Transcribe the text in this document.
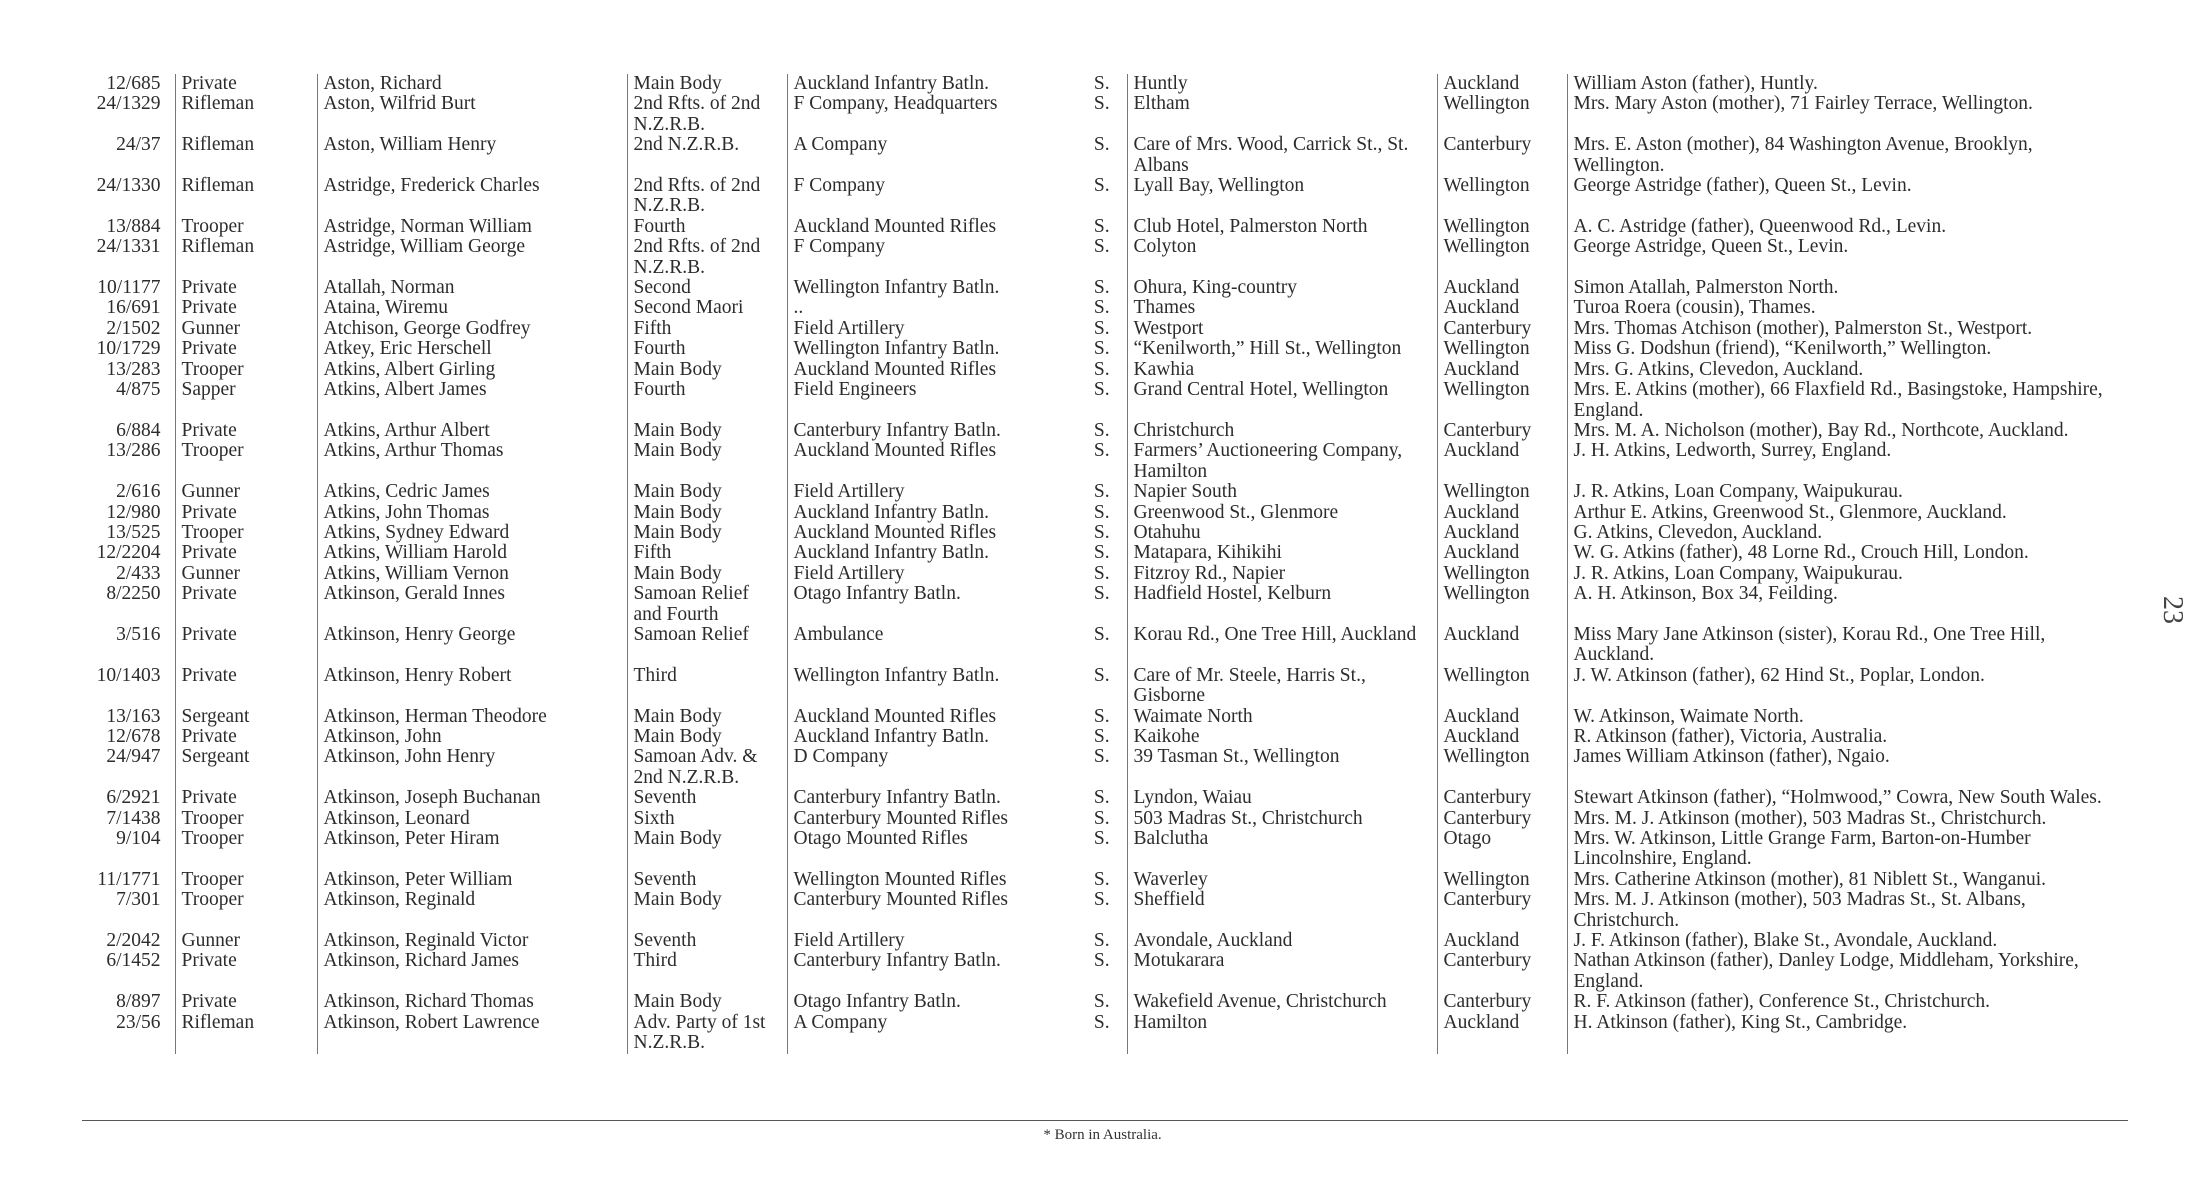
12/685	Private	Aston, Richard	Main Body	Auckland Infantry Batln.	S.	Huntly	Auckland	William Aston (father), Huntly.
24/1329	Rifleman	Aston, Wilfrid Burt	2nd Rfts. of 2nd N.Z.R.B.	F Company, Headquarters	S.	Eltham	Wellington	Mrs. Mary Aston (mother), 71 Fairley Terrace, Wellington.
24/37	Rifleman	Aston, William Henry	2nd N.Z.R.B.	A Company	S.	Care of Mrs. Wood, Carrick St., St. Albans	Canterbury	Mrs. E. Aston (mother), 84 Washington Avenue, Brooklyn, Wellington.
24/1330	Rifleman	Astridge, Frederick Charles	2nd Rfts. of 2nd N.Z.R.B.	F Company	S.	Lyall Bay, Wellington	Wellington	George Astridge (father), Queen St., Levin.
13/884	Trooper	Astridge, Norman William	Fourth	Auckland Mounted Rifles	S.	Club Hotel, Palmerston North	Wellington	A. C. Astridge (father), Queenwood Rd., Levin.
24/1331	Rifleman	Astridge, William George	2nd Rfts. of 2nd N.Z.R.B.	F Company	S.	Colyton	Wellington	George Astridge, Queen St., Levin.
10/1177	Private	Atallah, Norman	Second	Wellington Infantry Batln.	S.	Ohura, King-country	Auckland	Simon Atallah, Palmerston North.
16/691	Private	Ataina, Wiremu	Second Maori	..	S.	Thames	Auckland	Turoa Roera (cousin), Thames.
2/1502	Gunner	Atchison, George Godfrey	Fifth	Field Artillery	S.	Westport	Canterbury	Mrs. Thomas Atchison (mother), Palmerston St., Westport.
10/1729	Private	Atkey, Eric Herschell	Fourth	Wellington Infantry Batln.	S.	“Kenilworth,” Hill St., Wellington	Wellington	Miss G. Dodshun (friend), “Kenilworth,” Wellington.
13/283	Trooper	Atkins, Albert Girling	Main Body	Auckland Mounted Rifles	S.	Kawhia	Auckland	Mrs. G. Atkins, Clevedon, Auckland.
4/875	Sapper	Atkins, Albert James	Fourth	Field Engineers	S.	Grand Central Hotel, Wellington	Wellington	Mrs. E. Atkins (mother), 66 Flaxfield Rd., Basingstoke, Hampshire, England.
6/884	Private	Atkins, Arthur Albert	Main Body	Canterbury Infantry Batln.	S.	Christchurch	Canterbury	Mrs. M. A. Nicholson (mother), Bay Rd., Northcote, Auckland.
13/286	Trooper	Atkins, Arthur Thomas	Main Body	Auckland Mounted Rifles	S.	Farmers’ Auctioneering Company, Hamilton	Auckland	J. H. Atkins, Ledworth, Surrey, England.
2/616	Gunner	Atkins, Cedric James	Main Body	Field Artillery	S.	Napier South	Wellington	J. R. Atkins, Loan Company, Waipukurau.
12/980	Private	Atkins, John Thomas	Main Body	Auckland Infantry Batln.	S.	Greenwood St., Glenmore	Auckland	Arthur E. Atkins, Greenwood St., Glenmore, Auckland.
13/525	Trooper	Atkins, Sydney Edward	Main Body	Auckland Mounted Rifles	S.	Otahuhu	Auckland	G. Atkins, Clevedon, Auckland.
12/2204	Private	Atkins, William Harold	Fifth	Auckland Infantry Batln.	S.	Matapara, Kihikihi	Auckland	W. G. Atkins (father), 48 Lorne Rd., Crouch Hill, London.
2/433	Gunner	Atkins, William Vernon	Main Body	Field Artillery	S.	Fitzroy Rd., Napier	Wellington	J. R. Atkins, Loan Company, Waipukurau.
8/2250	Private	Atkinson, Gerald Innes	Samoan Relief and Fourth	Otago Infantry Batln.	S.	Hadfield Hostel, Kelburn	Wellington	A. H. Atkinson, Box 34, Feilding.
3/516	Private	Atkinson, Henry George	Samoan Relief	Ambulance	S.	Korau Rd., One Tree Hill, Auckland	Auckland	Miss Mary Jane Atkinson (sister), Korau Rd., One Tree Hill, Auckland.
10/1403	Private	Atkinson, Henry Robert	Third	Wellington Infantry Batln.	S.	Care of Mr. Steele, Harris St., Gisborne	Wellington	J. W. Atkinson (father), 62 Hind St., Poplar, London.
13/163	Sergeant	Atkinson, Herman Theodore	Main Body	Auckland Mounted Rifles	S.	Waimate North	Auckland	W. Atkinson, Waimate North.
12/678	Private	Atkinson, John	Main Body	Auckland Infantry Batln.	S.	Kaikohe	Auckland	R. Atkinson (father), Victoria, Australia.
24/947	Sergeant	Atkinson, John Henry	Samoan Adv. & 2nd N.Z.R.B.	D Company	S.	39 Tasman St., Wellington	Wellington	James William Atkinson (father), Ngaio.
6/2921	Private	Atkinson, Joseph Buchanan	Seventh	Canterbury Infantry Batln.	S.	Lyndon, Waiau	Canterbury	Stewart Atkinson (father), “Holmwood,” Cowra, New South Wales.
7/1438	Trooper	Atkinson, Leonard	Sixth	Canterbury Mounted Rifles	S.	503 Madras St., Christchurch	Canterbury	Mrs. M. J. Atkinson (mother), 503 Madras St., Christchurch.
9/104	Trooper	Atkinson, Peter Hiram	Main Body	Otago Mounted Rifles	S.	Balclutha	Otago	Mrs. W. Atkinson, Little Grange Farm, Barton-on-Humber Lincolnshire, England.
11/1771	Trooper	Atkinson, Peter William	Seventh	Wellington Mounted Rifles	S.	Waverley	Wellington	Mrs. Catherine Atkinson (mother), 81 Niblett St., Wanganui.
7/301	Trooper	Atkinson, Reginald	Main Body	Canterbury Mounted Rifles	S.	Sheffield	Canterbury	Mrs. M. J. Atkinson (mother), 503 Madras St., St. Albans, Christchurch.
2/2042	Gunner	Atkinson, Reginald Victor	Seventh	Field Artillery	S.	Avondale, Auckland	Auckland	J. F. Atkinson (father), Blake St., Avondale, Auckland.
6/1452	Private	Atkinson, Richard James	Third	Canterbury Infantry Batln.	S.	Motukarara	Canterbury	Nathan Atkinson (father), Danley Lodge, Middleham, Yorkshire, England.
8/897	Private	Atkinson, Richard Thomas	Main Body	Otago Infantry Batln.	S.	Wakefield Avenue, Christchurch	Canterbury	R. F. Atkinson (father), Conference St., Christchurch.
23/56	Rifleman	Atkinson, Robert Lawrence	Adv. Party of 1st N.Z.R.B.	A Company	S.	Hamilton	Auckland	H. Atkinson (father), King St., Cambridge.
* Born in Australia.
23
